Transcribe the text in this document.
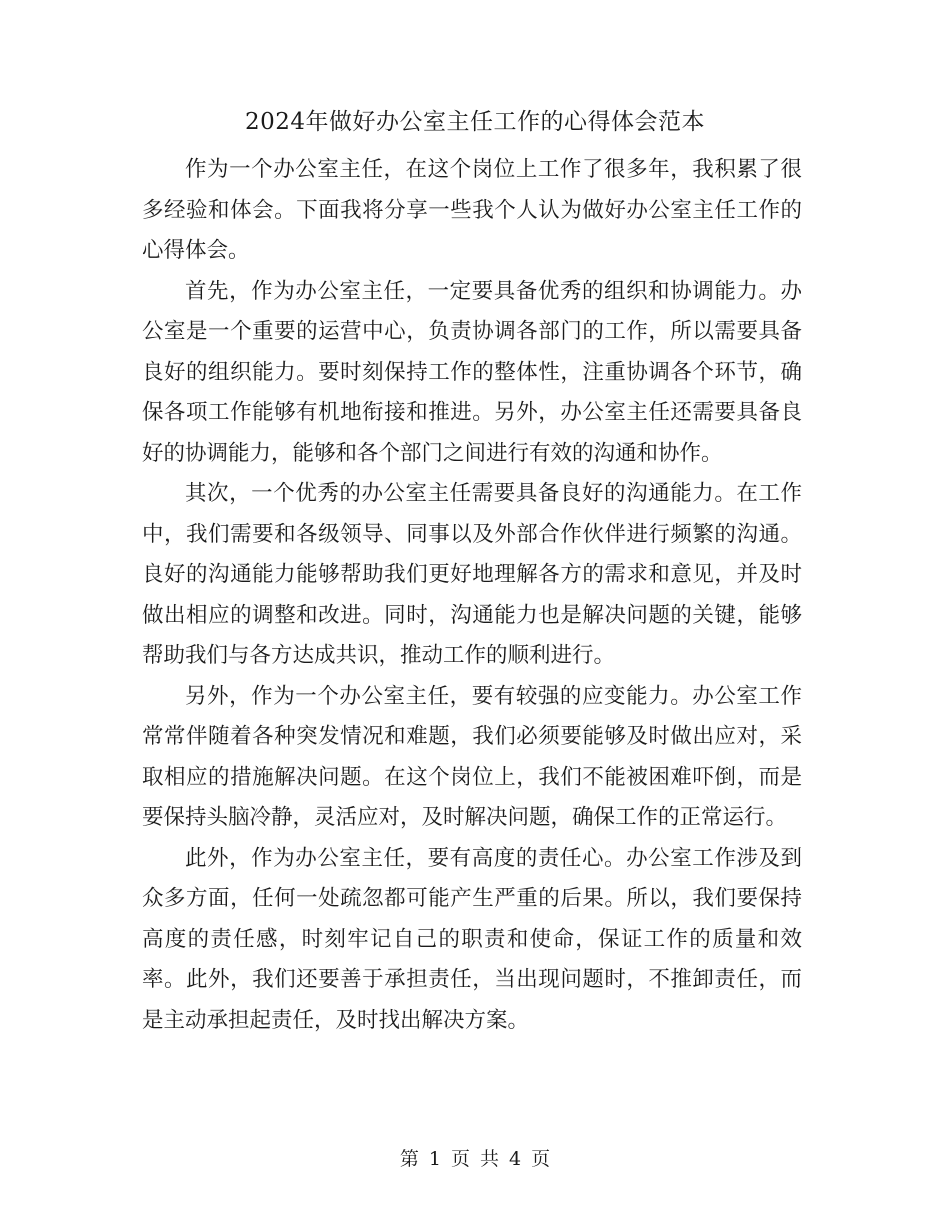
2024年做好办公室主任工作的心得体会范本

作为一个办公室主任，在这个岗位上工作了很多年，我积累了很多经验和体会。下面我将分享一些我个人认为做好办公室主任工作的心得体会。

首先，作为办公室主任，一定要具备优秀的组织和协调能力。办公室是一个重要的运营中心，负责协调各部门的工作，所以需要具备良好的组织能力。要时刻保持工作的整体性，注重协调各个环节，确保各项工作能够有机地衔接和推进。另外，办公室主任还需要具备良好的协调能力，能够和各个部门之间进行有效的沟通和协作。

其次，一个优秀的办公室主任需要具备良好的沟通能力。在工作中，我们需要和各级领导、同事以及外部合作伙伴进行频繁的沟通。良好的沟通能力能够帮助我们更好地理解各方的需求和意见，并及时做出相应的调整和改进。同时，沟通能力也是解决问题的关键，能够帮助我们与各方达成共识，推动工作的顺利进行。

另外，作为一个办公室主任，要有较强的应变能力。办公室工作常常伴随着各种突发情况和难题，我们必须要能够及时做出应对，采取相应的措施解决问题。在这个岗位上，我们不能被困难吓倒，而是要保持头脑冷静，灵活应对，及时解决问题，确保工作的正常运行。

此外，作为办公室主任，要有高度的责任心。办公室工作涉及到众多方面，任何一处疏忽都可能产生严重的后果。所以，我们要保持高度的责任感，时刻牢记自己的职责和使命，保证工作的质量和效率。此外，我们还要善于承担责任，当出现问题时，不推卸责任，而是主动承担起责任，及时找出解决方案。

第 1 页 共 4 页
